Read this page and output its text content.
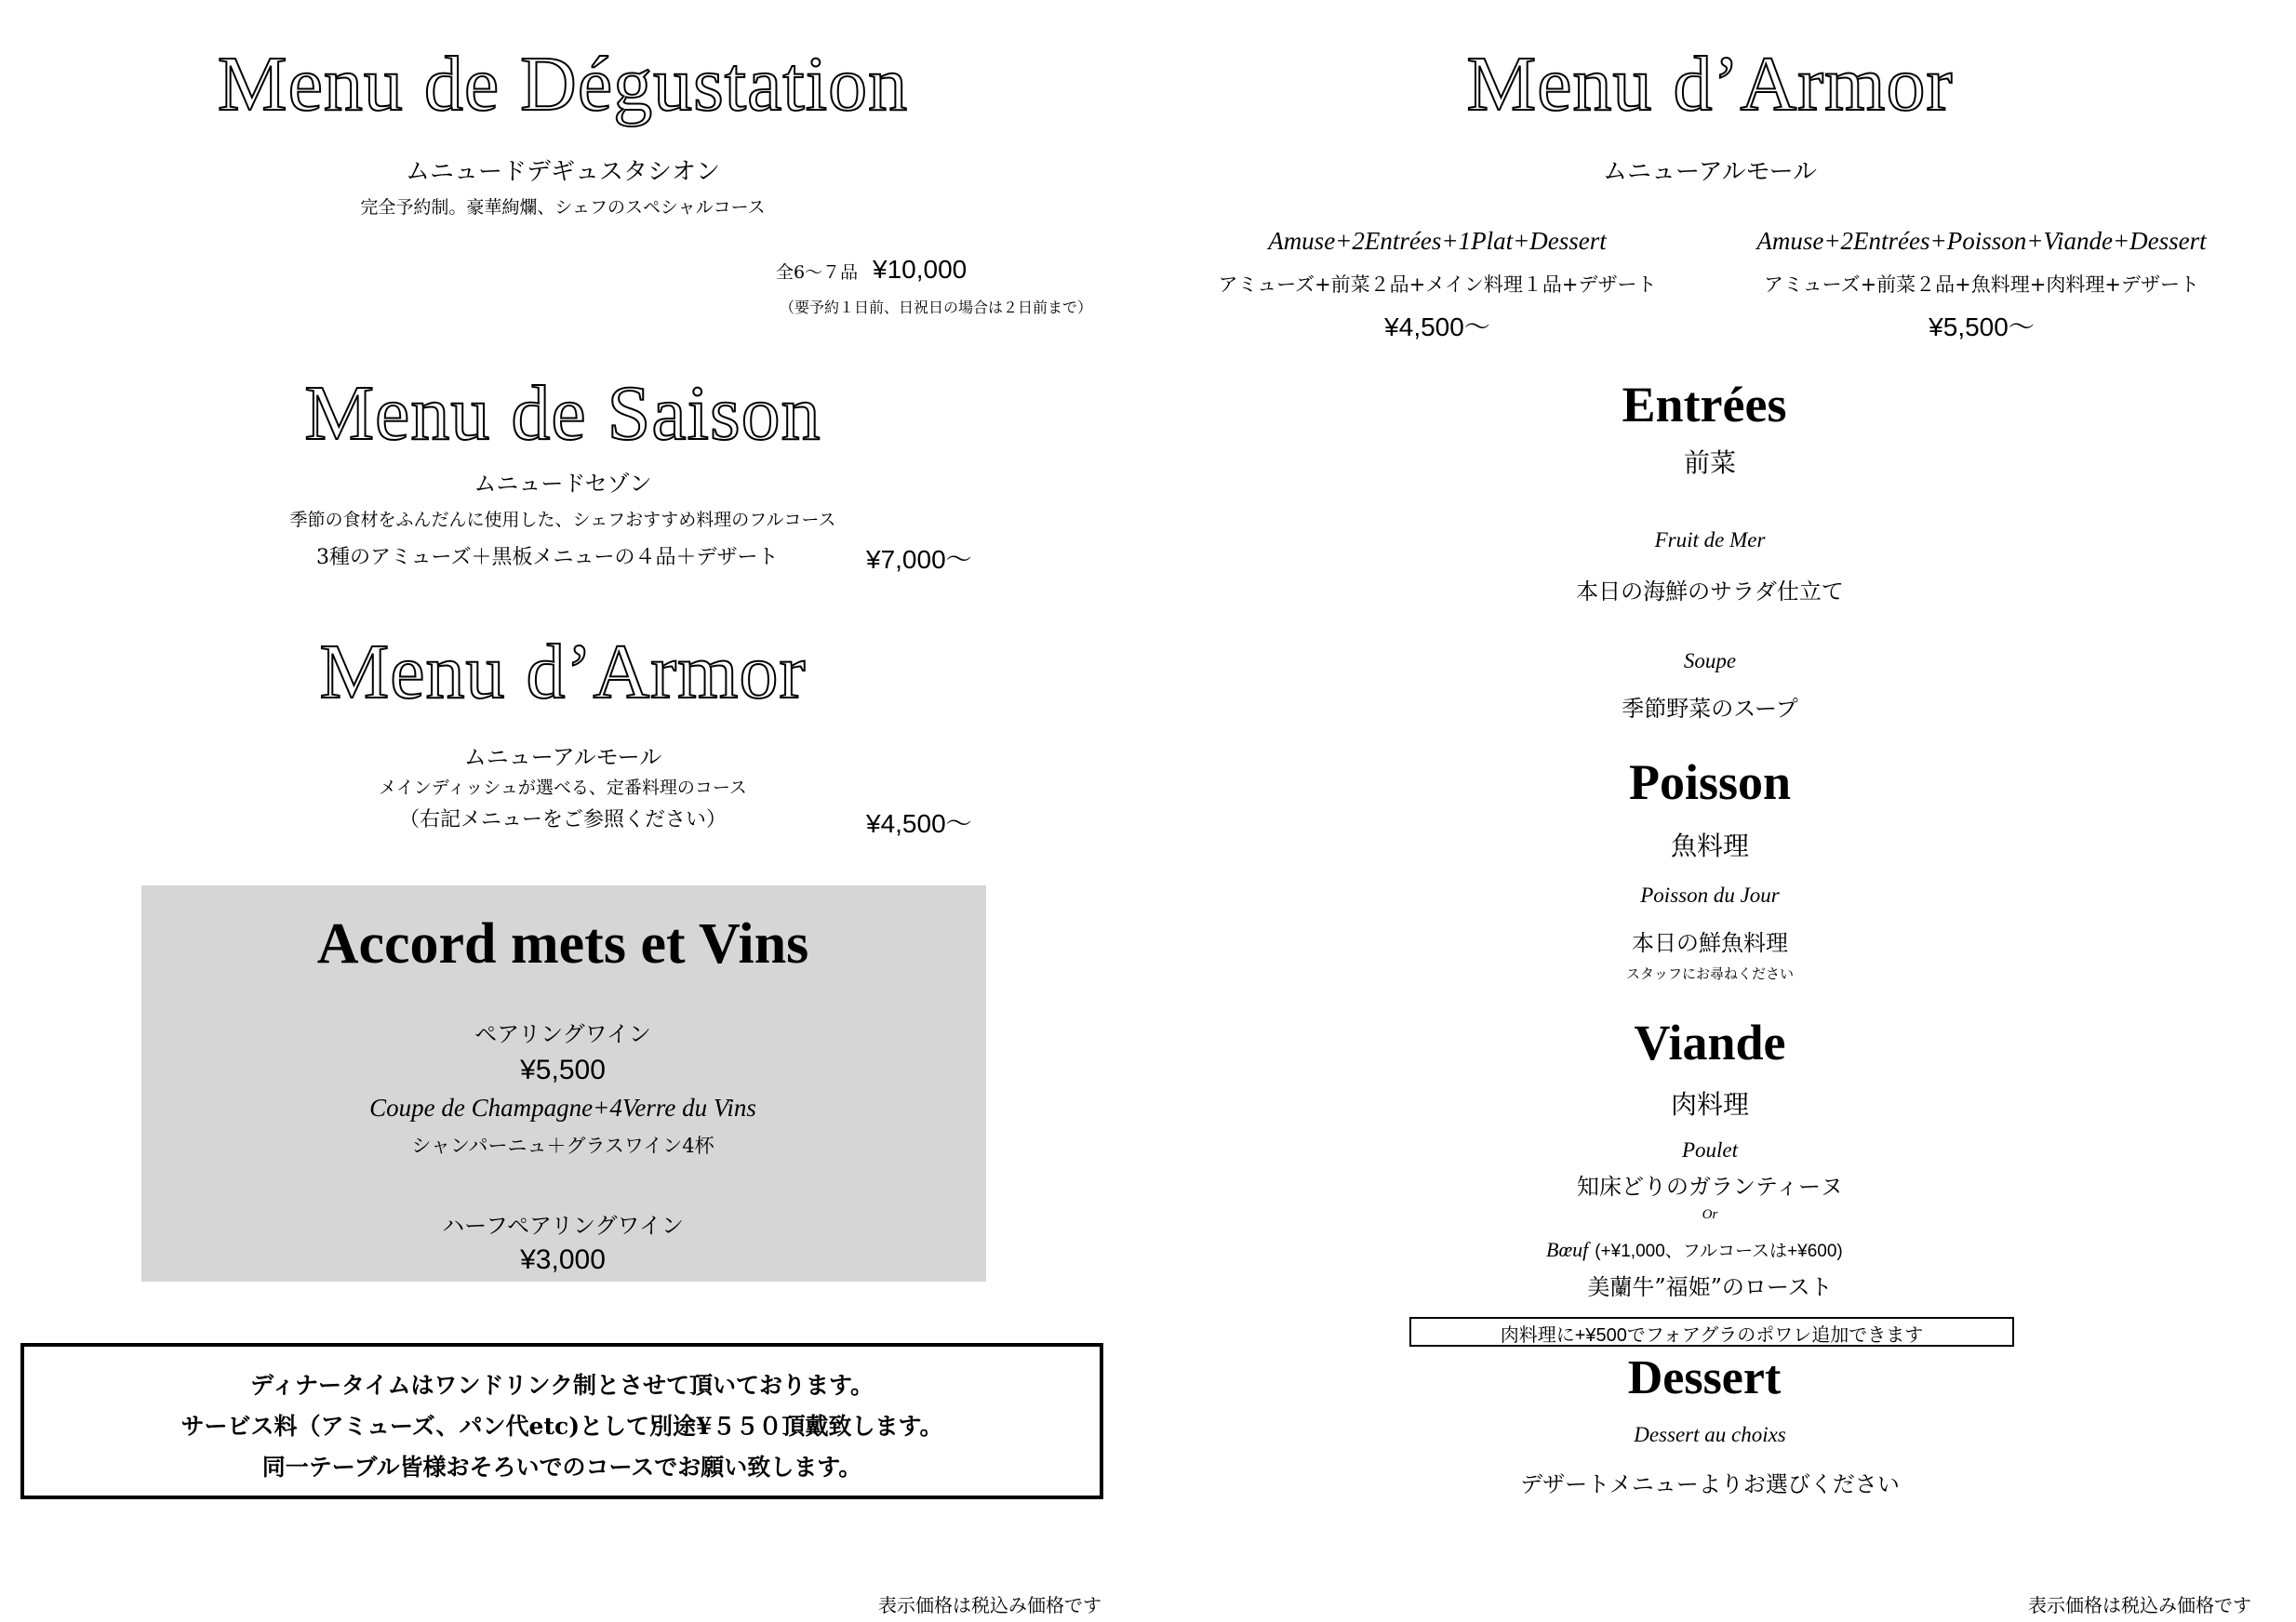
Menu de Dégustation
ムニュードデギュスタシオン
完全予約制。豪華絢爛、シェフのスペシャルコース
全6〜７品 ¥10,000
（要予約１日前、日祝日の場合は２日前まで）
Menu de Saison
ムニュードセゾン
季節の食材をふんだんに使用した、シェフおすすめ料理のフルコース
3種のアミューズ＋黒板メニューの４品＋デザート	¥7,000〜
Menu d’Armor
ムニューアルモール
メインディッシュが選べる、定番料理のコース
（右記メニューをご参照ください）	¥4,500〜
Accord mets et Vins
ペアリングワイン
¥5,500
Coupe de Champagne+4Verre du Vins
シャンパーニュ＋グラスワイン4杯
ハーフペアリングワイン
¥3,000
ディナータイムはワンドリンク制とさせて頂いております。
サービス料（アミューズ、パン代etc)として別途¥５５０頂戴致します。
同一テーブル皆様おそろいでのコースでお願い致します。
表示価格は税込み価格です
Menu d’Armor
ムニューアルモール
Amuse+2Entrées+1Plat+Dessert
アミューズ+前菜２品+メイン料理１品+デザート
¥4,500〜
Amuse+2Entrées+Poisson+Viande+Dessert
アミューズ+前菜２品+魚料理+肉料理+デザート
¥5,500〜
Entrées
前菜
Fruit de Mer
本日の海鮮のサラダ仕立て
Soupe
季節野菜のスープ
Poisson
魚料理
Poisson du Jour
本日の鮮魚料理
スタッフにお尋ねください
Viande
肉料理
Poulet
知床どりのガランティーヌ
Or
Bœuf (+¥1,000、フルコースは+¥600)
美蘭牛”福姫”のロースト
肉料理に+¥500でフォアグラのポワレ追加できます
Dessert
Dessert au choixs
デザートメニューよりお選びください
表示価格は税込み価格です
